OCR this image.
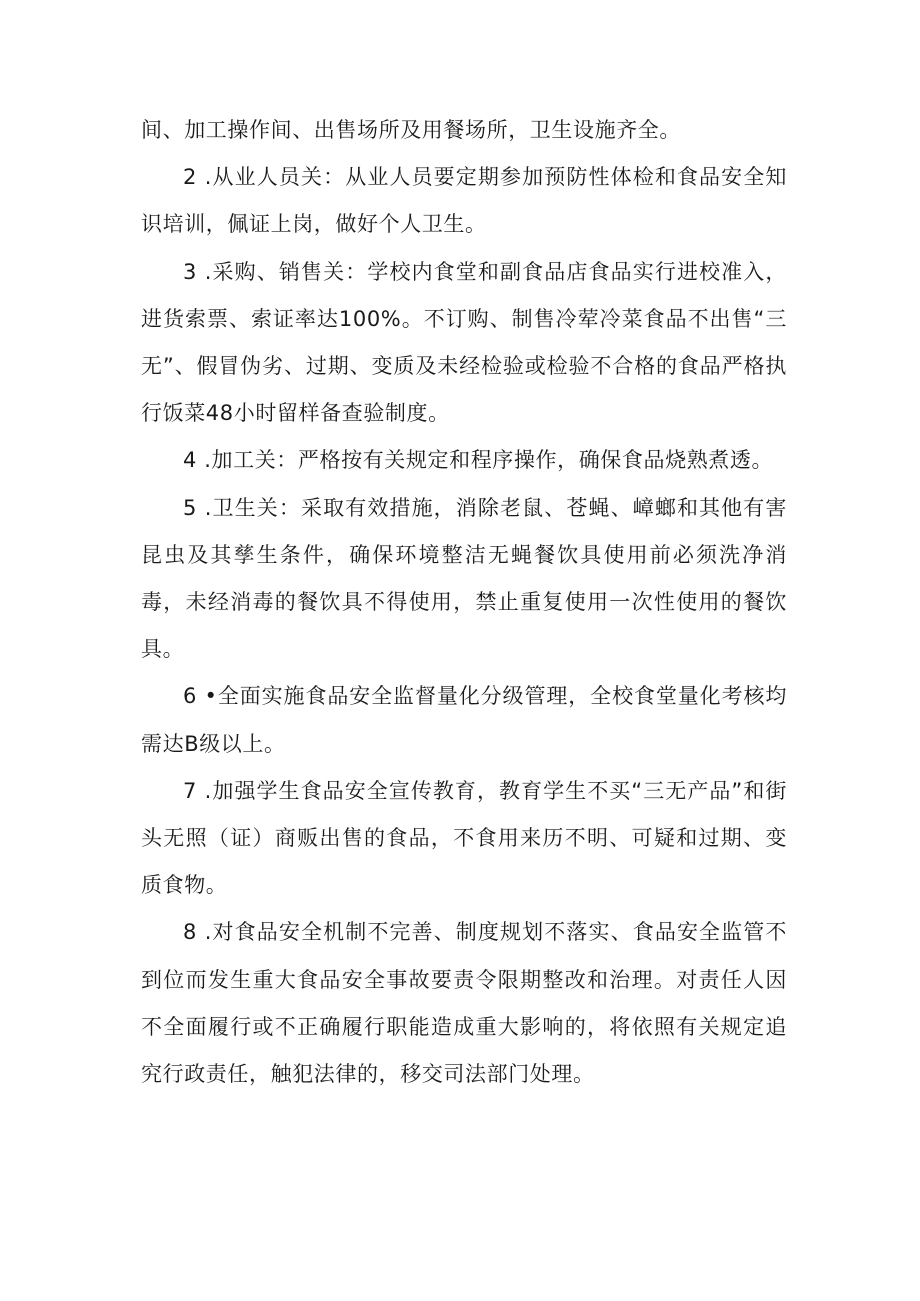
间、加工操作间、出售场所及用餐场所，卫生设施齐全。

2 .从业人员关：从业人员要定期参加预防性体检和食品安全知识培训，佩证上岗，做好个人卫生。

3 .采购、销售关：学校内食堂和副食品店食品实行进校准入，进货索票、索证率达100%。不订购、制售冷荤冷菜食品不出售“三无”、假冒伪劣、过期、变质及未经检验或检验不合格的食品严格执行饭菜48小时留样备查验制度。

4 .加工关：严格按有关规定和程序操作，确保食品烧熟煮透。

5 .卫生关：采取有效措施，消除老鼠、苍蝇、嶂螂和其他有害昆虫及其孳生条件，确保环境整洁无蝇餐饮具使用前必须洗净消毒，未经消毒的餐饮具不得使用，禁止重复使用一次性使用的餐饮具。

6 •全面实施食品安全监督量化分级管理，全校食堂量化考核均需达B级以上。

7 .加强学生食品安全宣传教育，教育学生不买“三无产品”和街头无照（证）商贩出售的食品，不食用来历不明、可疑和过期、变质食物。

8 .对食品安全机制不完善、制度规划不落实、食品安全监管不到位而发生重大食品安全事故要责令限期整改和治理。对责任人因不全面履行或不正确履行职能造成重大影响的，将依照有关规定追究行政责任，触犯法律的，移交司法部门处理。
